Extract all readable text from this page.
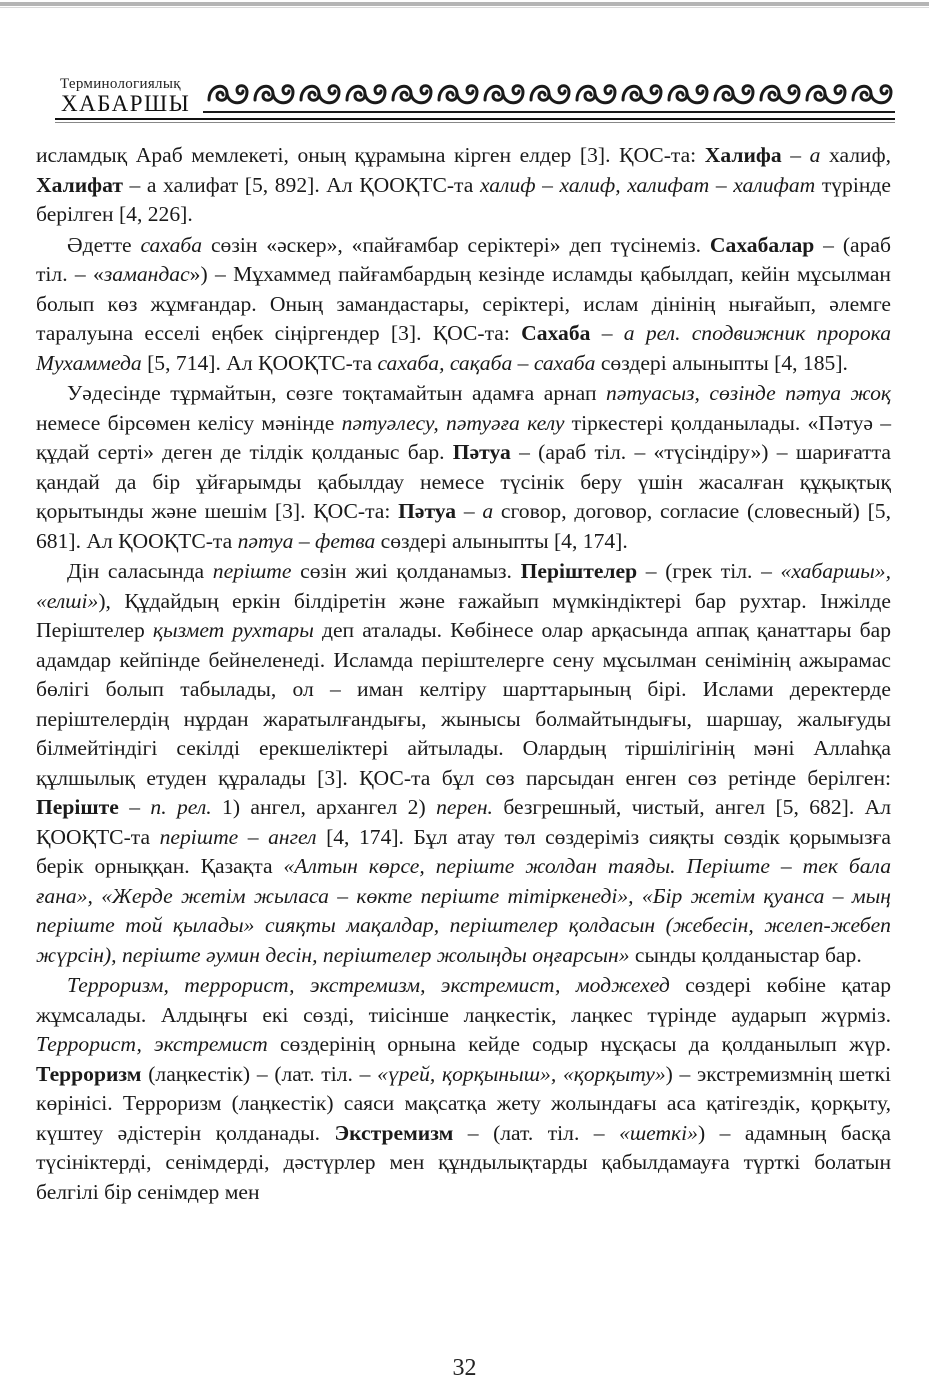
Терминологиялық
ХАБАРШЫ

исламдық Араб мемлекеті, оның құрамына кірген елдер [3]. ҚОС-та: Халифа – а халиф, Халифат – а халифат [5, 892]. Ал ҚООҚТС-та халиф – халиф, халифат – халифат түрінде берілген [4, 226].

Әдетте сахаба сөзін «әскер», «пайғамбар серіктері» деп түсінеміз. Сахабалар – (араб тіл. – «замандас») – Мұхаммед пайғамбардың кезінде исламды қабылдап, кейін мұсылман болып көз жұмғандар. Оның замандастары, серіктері, ислам дінінің нығайып, әлемге таралуына есселі еңбек сіңіргендер [3]. ҚОС-та: Сахаба – а рел. сподвижник пророка Мухаммеда [5, 714]. Ал ҚООҚТС-та сахаба, сақаба – сахаба сөздері алыныпты [4, 185].

Уәдесінде тұрмайтын, сөзге тоқтамайтын адамға арнап пәтуасыз, сөзінде пәтуа жоқ немесе бірсөмен келісу мәнінде пәтуәлесу, пәтуәға келу тіркестері қолданылады. «Пәтуә – құдай серті» деген де тілдік қолданыс бар. Пәтуа – (араб тіл. – «түсіндіру») – шариғатта қандай да бір ұйғарымды қабылдау немесе түсінік беру үшін жасалған құқықтық қорытынды және шешім [3]. ҚОС-та: Пәтуа – а сговор, договор, согласие (словесный) [5, 681]. Ал ҚООҚТС-та пәтуа – фетва сөздері алыныпты [4, 174].

Дін саласында періште сөзін жиі қолданамыз. Періштелер – (грек тіл. – «хабаршы», «елші»), Құдайдың еркін білдіретін және ғажайып мүмкіндіктері бар рухтар. Інжілде Періштелер қызмет рухтары деп аталады. Көбінесе олар арқасында аппақ қанаттары бар адамдар кейпінде бейнеленеді. Исламда періштелерге сену мұсылман сенімінің ажырамас бөлігі болып табылады, ол – иман келтіру шарттарының бірі. Ислами деректерде періштелердің нұрдан жаратылғандығы, жынысы болмайтындығы, шаршау, жалығуды білмейтіндігі секілді ерекшеліктері айтылады. Олардың тіршілігінің мәні Аллаһқа құлшылық етуден құралады [3]. ҚОС-та бұл сөз парсыдан енген сөз ретінде берілген: Періште – п. рел. 1) ангел, архангел 2) перен. безгрешный, чистый, ангел [5, 682]. Ал ҚООҚТС-та періште – ангел [4, 174]. Бұл атау төл сөздеріміз сияқты сөздік қорымызға берік орныққан. Қазақта «Алтын көрсе, періште жолдан таяды. Періште – тек бала ғана», «Жерде жетім жыласа – көкте періште тітіркенеді», «Бір жетім қуанса – мың періште той қылады» сияқты мақалдар, періштелер қолдасын (жебесін, желеп-жебеп жүрсін), періште әумин десін, періштелер жолыңды оңғарсын» сынды қолданыстар бар.

Терроризм, террорист, экстремизм, экстремист, моджехед сөздері көбіне қатар жұмсалады. Алдыңғы екі сөзді, тиісінше лаңкестік, лаңкес түрінде аударып жүрміз. Террорист, экстремист сөздерінің орнына кейде содыр нұсқасы да қолданылып жүр. Терроризм (лаңкестік) – (лат. тіл. – «үрей, қорқыныш», «қорқыту») – экстремизмнің шеткі көрінісі. Терроризм (лаңкестік) саяси мақсатқа жету жолындағы аса қатігездік, қорқыту, күштеу әдістерін қолданады. Экстремизм – (лат. тіл. – «шеткі») – адамның басқа түсініктерді, сенімдерді, дәстүрлер мен құндылықтарды қабылдамауға түрткі болатын белгілі бір сенімдер мен

32
